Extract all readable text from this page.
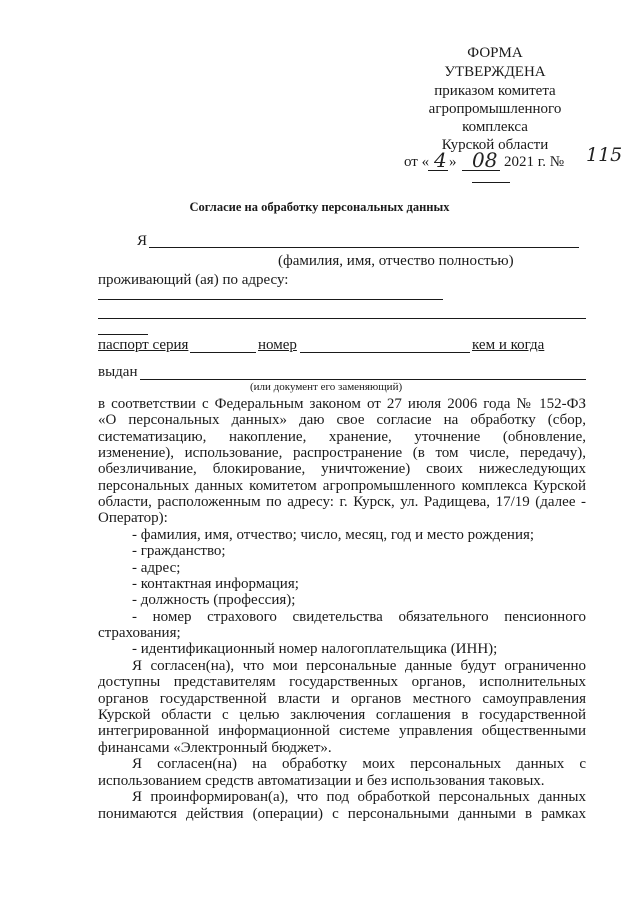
ФОРМА
УТВЕРЖДЕНА
приказом комитета
агропромышленного
комплекса
Курской области
от « 4 » 08 2021 г. № 115
Согласие на обработку персональных данных
Я
(фамилия, имя, отчество полностью)
проживающий (ая) по адресу:
паспорт серия	номер	кем и когда
выдан
(или документ его заменяющий)
в соответствии с Федеральным законом от 27 июля 2006 года № 152-ФЗ
«О персональных данных» даю свое согласие на обработку (сбор,
систематизацию, накопление, хранение, уточнение (обновление,
изменение), использование, распространение (в том числе, передачу),
обезличивание, блокирование, уничтожение) своих нижеследующих
персональных данных комитетом агропромышленного комплекса Курской
области, расположенным по адресу: г. Курск, ул. Радищева, 17/19 (далее -
Оператор):
- фамилия, имя, отчество; число, месяц, год и место рождения;
- гражданство;
- адрес;
- контактная информация;
- должность (профессия);
- номер страхового свидетельства обязательного пенсионного
страхования;
- идентификационный номер налогоплательщика (ИНН);
Я согласен(на), что мои персональные данные будут ограниченно
доступны представителям государственных органов, исполнительных
органов государственной власти и органов местного самоуправления
Курской области с целью заключения соглашения в государственной
интегрированной информационной системе управления общественными
финансами «Электронный бюджет».
Я согласен(на) на обработку моих персональных данных с
использованием средств автоматизации и без использования таковых.
Я проинформирован(а), что под обработкой персональных данных
понимаются действия (операции) с персональными данными в рамках
